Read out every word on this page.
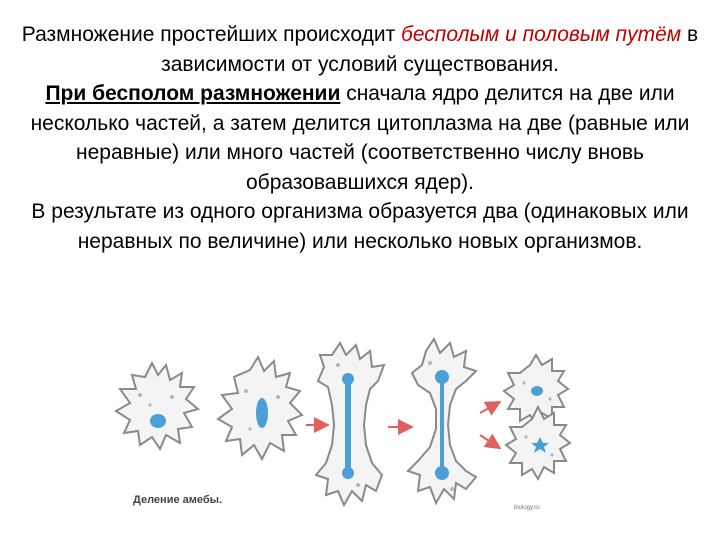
Размножение простейших происходит бесполым и половым путём в зависимости от условий существования.

При бесполом размножении сначала ядро делится на две или несколько частей, а затем делится цитоплазма на две (равные или неравные) или много частей (соответственно числу вновь образовавшихся ядер).

В результате из одного организма образуется два (одинаковых или неравных по величине) или несколько новых организмов.

Деление амебы.
biology.ru
